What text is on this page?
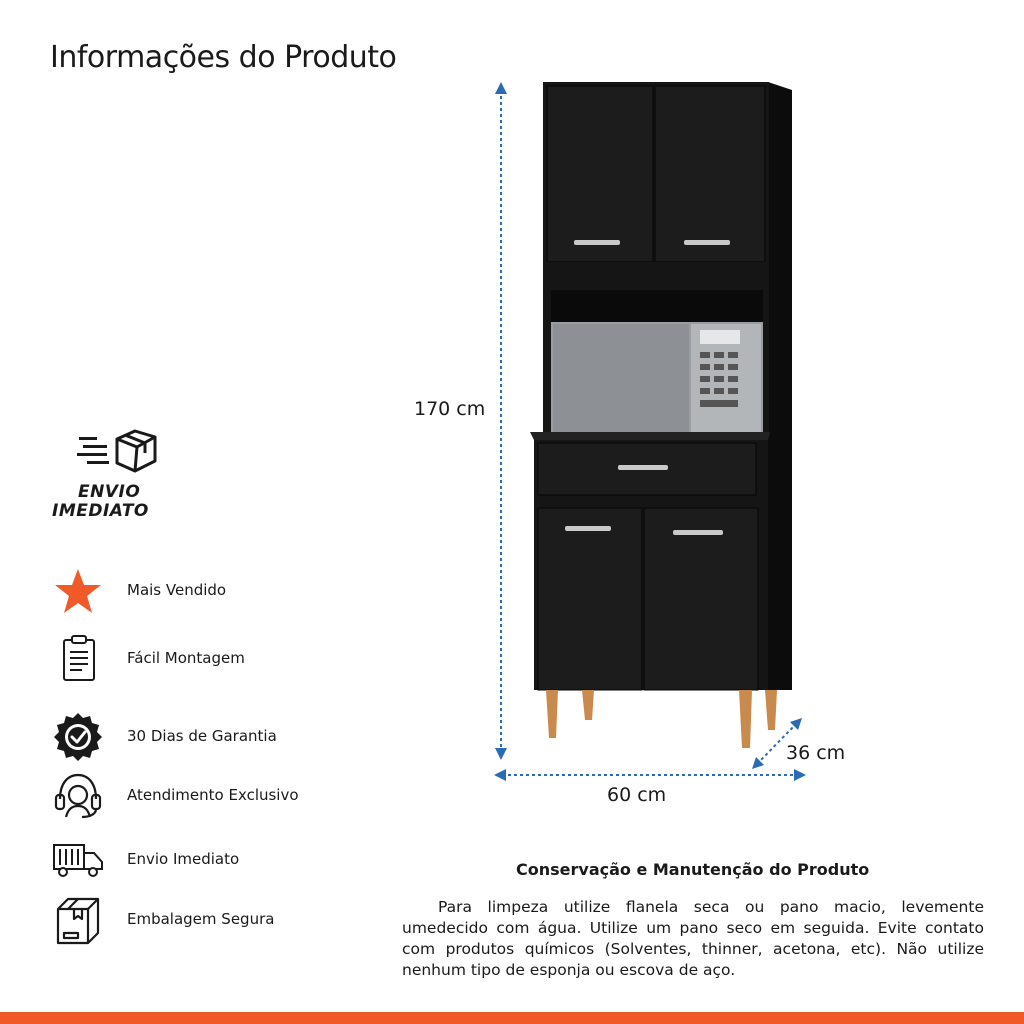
Informações do Produto
ENVIO
IMEDIATO
Mais Vendido
Fácil Montagem
30 Dias de Garantia
Atendimento Exclusivo
Envio Imediato
Embalagem Segura
170 cm
60 cm
36 cm
Conservação e Manutenção do Produto
Para limpeza utilize flanela seca ou pano macio, levemente umedecido com água. Utilize um pano seco em seguida. Evite contato com produtos químicos (Solventes, thinner, acetona, etc). Não utilize nenhum tipo de esponja ou escova de aço.
